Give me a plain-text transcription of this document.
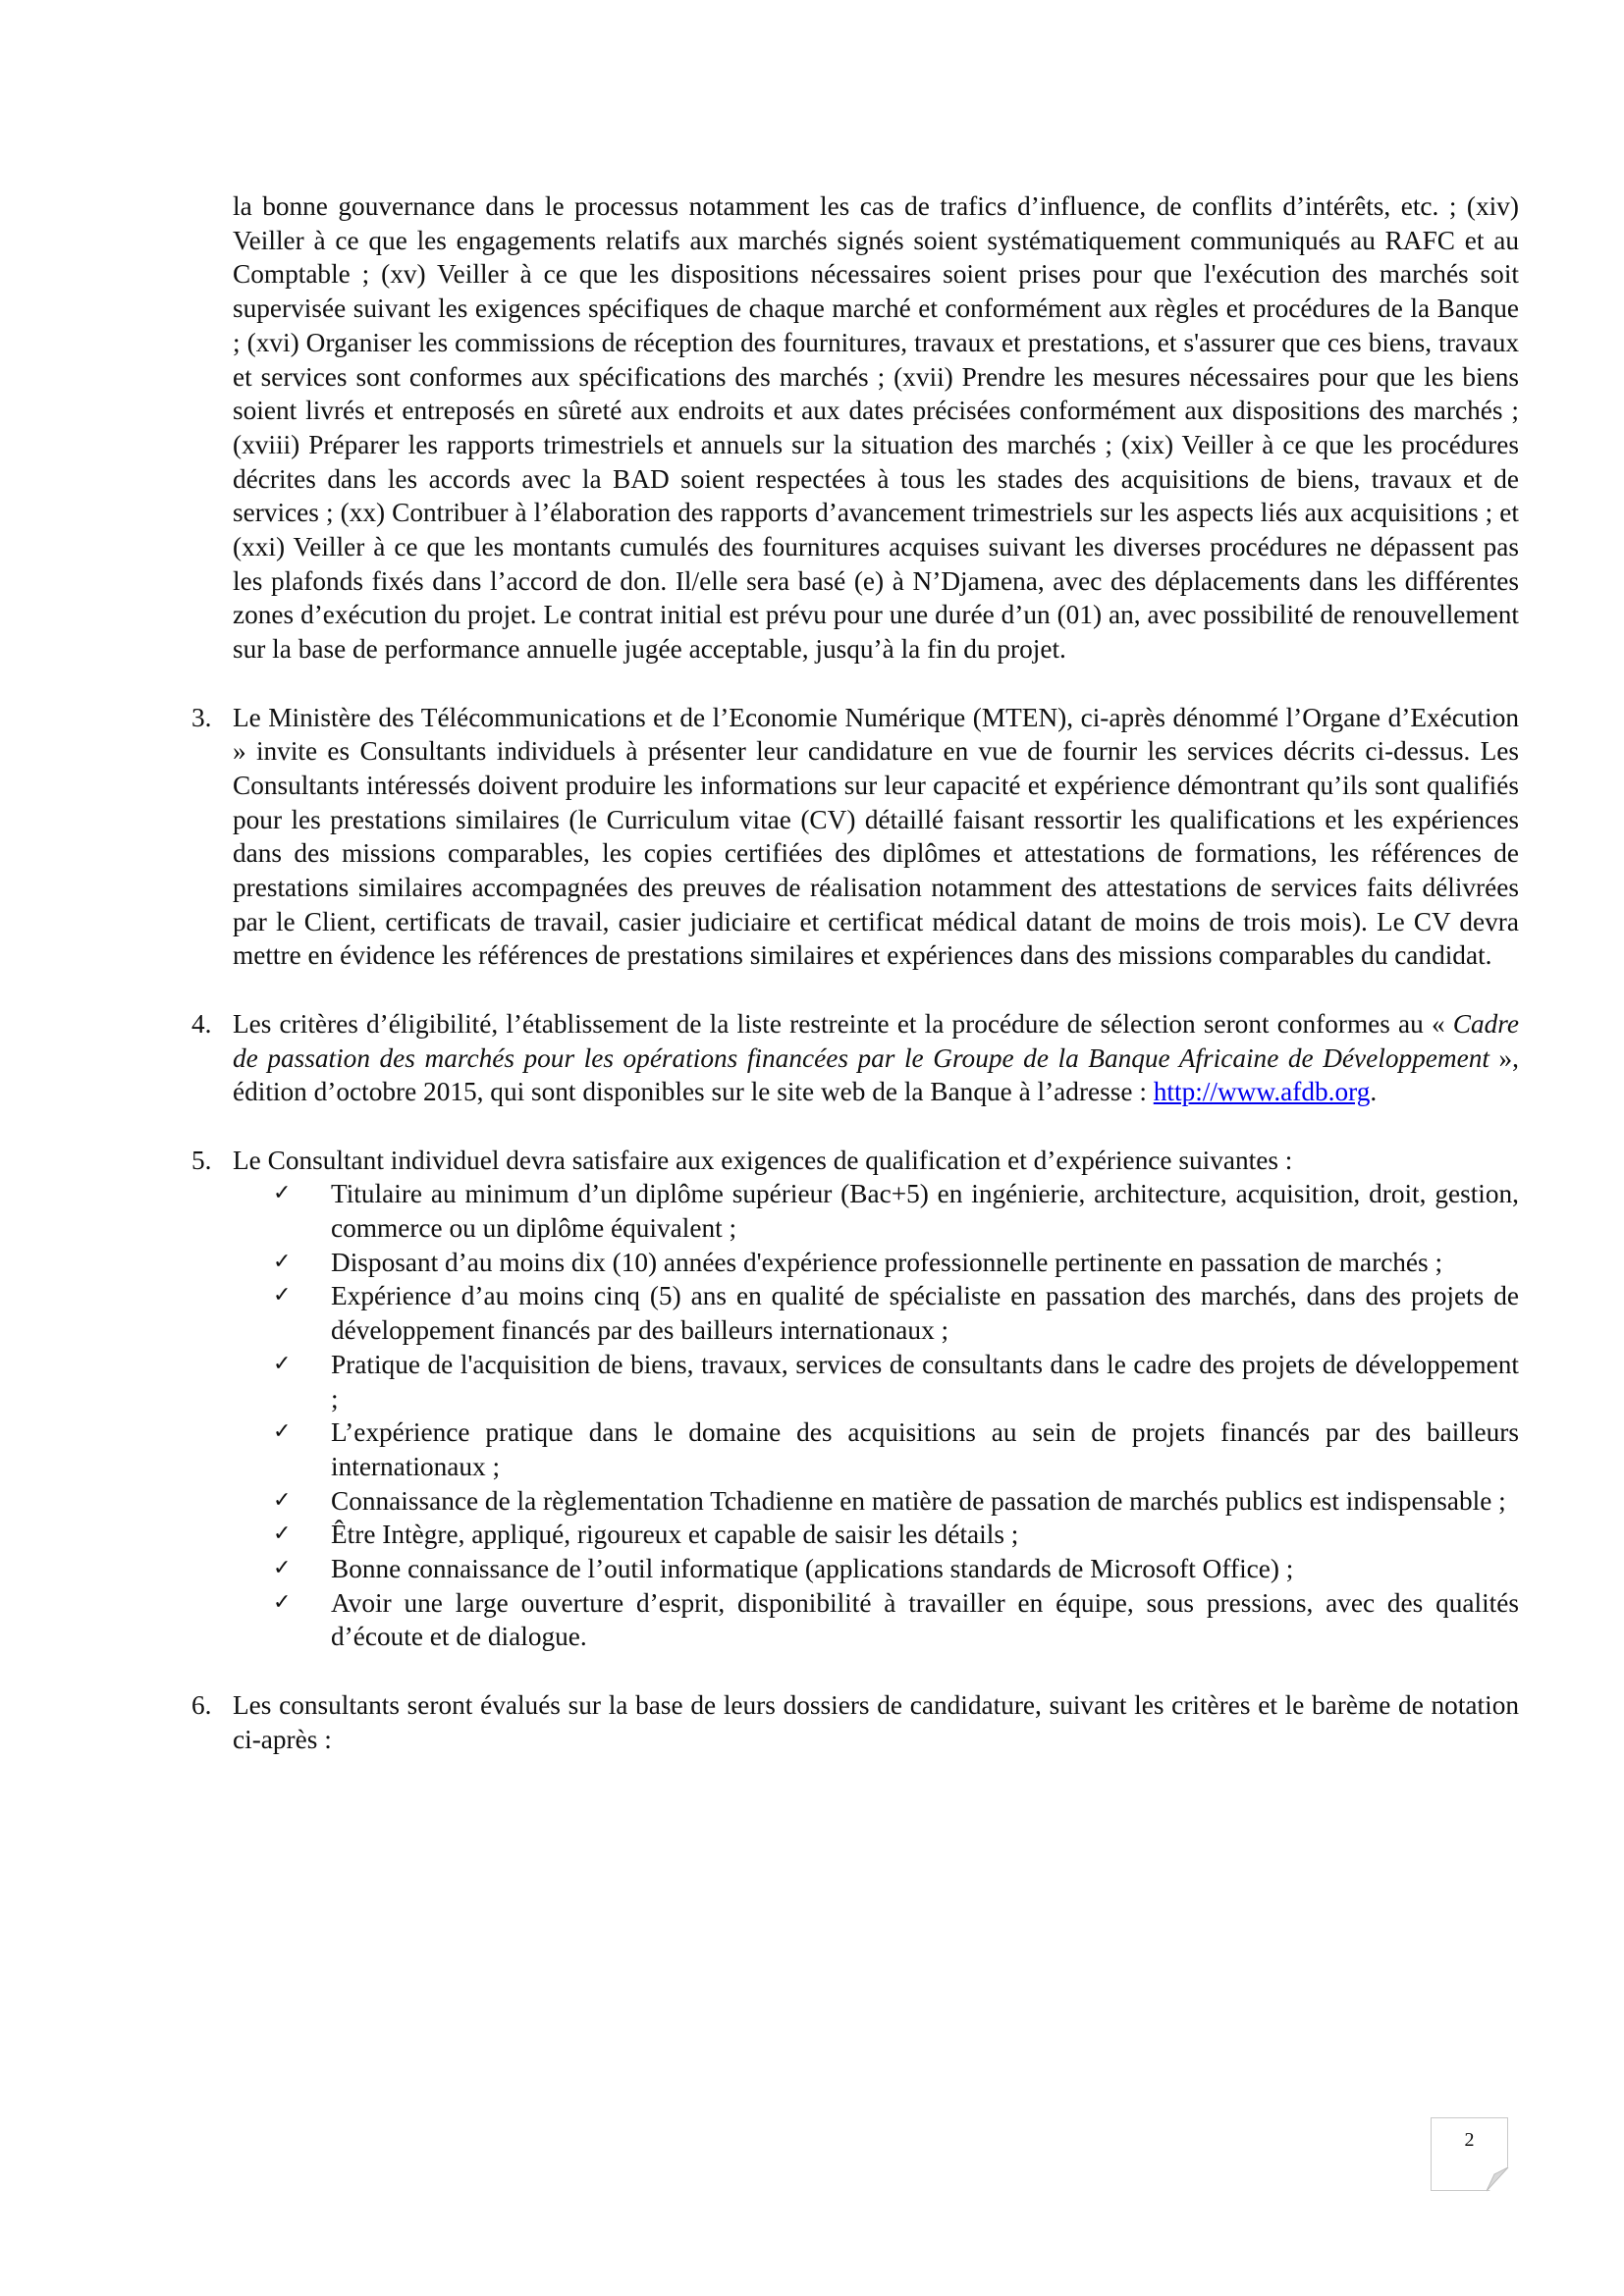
la bonne gouvernance dans le processus notamment les cas de trafics d’influence, de conflits d’intérêts, etc. ; (xiv) Veiller à ce que les engagements relatifs aux marchés signés soient systématiquement communiqués au RAFC et au Comptable ; (xv) Veiller à ce que les dispositions nécessaires soient prises pour que l'exécution des marchés soit supervisée suivant les exigences spécifiques de chaque marché et conformément aux règles et procédures de la Banque ; (xvi) Organiser les commissions de réception des fournitures, travaux et prestations, et s'assurer que ces biens, travaux et services sont conformes aux spécifications des marchés ; (xvii) Prendre les mesures nécessaires pour que les biens soient livrés et entreposés en sûreté aux endroits et aux dates précisées conformément aux dispositions des marchés ; (xviii) Préparer les rapports trimestriels et annuels sur la situation des marchés ; (xix) Veiller à ce que les procédures décrites dans les accords avec la BAD soient respectées à tous les stades des acquisitions de biens, travaux et de services ; (xx) Contribuer à l’élaboration des rapports d’avancement trimestriels sur les aspects liés aux acquisitions ; et (xxi) Veiller à ce que les montants cumulés des fournitures acquises suivant les diverses procédures ne dépassent pas les plafonds fixés dans l’accord de don. Il/elle sera basé (e) à N’Djamena, avec des déplacements dans les différentes zones d’exécution du projet. Le contrat initial est prévu pour une durée d’un (01) an, avec possibilité de renouvellement sur la base de performance annuelle jugée acceptable, jusqu’à la fin du projet.

3. Le Ministère des Télécommunications et de l’Economie Numérique (MTEN), ci-après dénommé l’Organe d’Exécution » invite es Consultants individuels à présenter leur candidature en vue de fournir les services décrits ci-dessus. Les Consultants intéressés doivent produire les informations sur leur capacité et expérience démontrant qu’ils sont qualifiés pour les prestations similaires (le Curriculum vitae (CV) détaillé faisant ressortir les qualifications et les expériences dans des missions comparables, les copies certifiées des diplômes et attestations de formations, les références de prestations similaires accompagnées des preuves de réalisation notamment des attestations de services faits délivrées par le Client, certificats de travail, casier judiciaire et certificat médical datant de moins de trois mois). Le CV devra mettre en évidence les références de prestations similaires et expériences dans des missions comparables du candidat.

4. Les critères d’éligibilité, l’établissement de la liste restreinte et la procédure de sélection seront conformes au « Cadre de passation des marchés pour les opérations financées par le Groupe de la Banque Africaine de Développement », édition d’octobre 2015, qui sont disponibles sur le site web de la Banque à l’adresse : http://www.afdb.org.

5. Le Consultant individuel devra satisfaire aux exigences de qualification et d’expérience suivantes :

✓ Titulaire au minimum d’un diplôme supérieur (Bac+5) en ingénierie, architecture, acquisition, droit, gestion, commerce ou un diplôme équivalent ;
✓ Disposant d’au moins dix (10) années d'expérience professionnelle pertinente en passation de marchés ;
✓ Expérience d’au moins cinq (5) ans en qualité de spécialiste en passation des marchés, dans des projets de développement financés par des bailleurs internationaux ;
✓ Pratique de l'acquisition de biens, travaux, services de consultants dans le cadre des projets de développement ;
✓ L’expérience pratique dans le domaine des acquisitions au sein de projets financés par des bailleurs internationaux ;
✓ Connaissance de la règlementation Tchadienne en matière de passation de marchés publics est indispensable ;
✓ Être Intègre, appliqué, rigoureux et capable de saisir les détails ;
✓ Bonne connaissance de l’outil informatique (applications standards de Microsoft Office) ;
✓ Avoir une large ouverture d’esprit, disponibilité à travailler en équipe, sous pressions, avec des qualités d’écoute et de dialogue.
6. Les consultants seront évalués sur la base de leurs dossiers de candidature, suivant les critères et le barème de notation ci-après :

2
